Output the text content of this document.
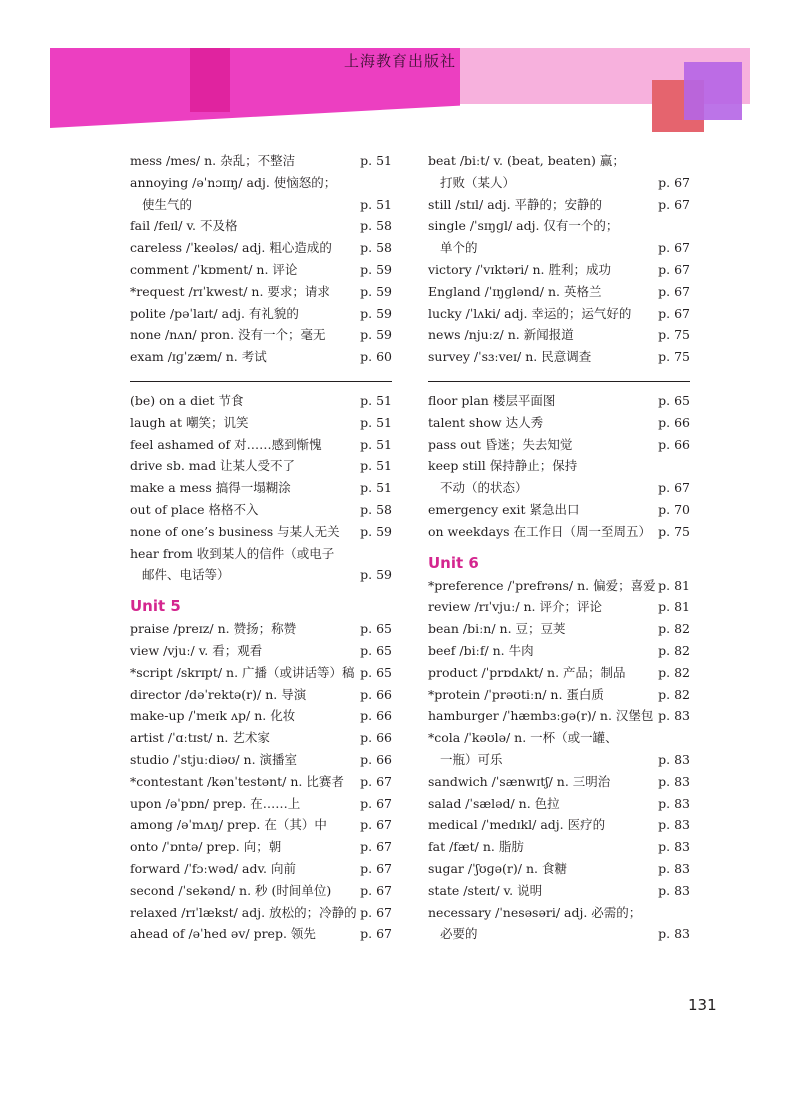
上海教育出版社
mess /mes/ n. 杂乱；不整洁	p. 51
annoying /əˈnɔɪɪŋ/ adj. 使恼怒的；
使生气的	p. 51
fail /feɪl/ v. 不及格	p. 58
careless /ˈkeələs/ adj. 粗心造成的	p. 58
comment /ˈkɒment/ n. 评论	p. 59
*request /rɪˈkwest/ n. 要求；请求	p. 59
polite /pəˈlaɪt/ adj. 有礼貌的	p. 59
none /nʌn/ pron. 没有一个；毫无	p. 59
exam /ɪɡˈzæm/ n. 考试	p. 60
(be) on a diet 节食	p. 51
laugh at 嘲笑；讥笑	p. 51
feel ashamed of 对……感到惭愧	p. 51
drive sb. mad 让某人受不了	p. 51
make a mess 搞得一塌糊涂	p. 51
out of place 格格不入	p. 58
none of one’s business 与某人无关	p. 59
hear from 收到某人的信件（或电子
邮件、电话等）	p. 59
Unit 5
praise /preɪz/ n. 赞扬；称赞	p. 65
view /vjuː/ v. 看；观看	p. 65
*script /skrɪpt/ n. 广播（或讲话等）稿 p. 65
director /dəˈrektə(r)/ n. 导演	p. 66
make-up /ˈmeɪk ʌp/ n. 化妆	p. 66
artist /ˈɑːtɪst/ n. 艺术家	p. 66
studio /ˈstjuːdiəʊ/ n. 演播室	p. 66
*contestant /kənˈtestənt/ n. 比赛者	p. 67
upon /əˈpɒn/ prep. 在……上	p. 67
among /əˈmʌŋ/ prep. 在（其）中	p. 67
onto /ˈɒntə/ prep. 向；朝	p. 67
forward /ˈfɔːwəd/ adv. 向前	p. 67
second /ˈsekənd/ n. 秒 (时间单位)	p. 67
relaxed /rɪˈlækst/ adj. 放松的；冷静的 p. 67
ahead of /əˈhed əv/ prep. 领先	p. 67
beat /biːt/ v. (beat, beaten) 赢；
打败（某人）	p. 67
still /stɪl/ adj. 平静的；安静的	p. 67
single /ˈsɪŋɡl/ adj. 仅有一个的；
单个的	p. 67
victory /ˈvɪktəri/ n. 胜利；成功	p. 67
England /ˈɪŋɡlənd/ n. 英格兰	p. 67
lucky /ˈlʌki/ adj. 幸运的；运气好的	p. 67
news /njuːz/ n. 新闻报道	p. 75
survey /ˈsɜːveɪ/ n. 民意调查	p. 75
floor plan 楼层平面图	p. 65
talent show 达人秀	p. 66
pass out 昏迷；失去知觉	p. 66
keep still 保持静止；保持
不动（的状态）	p. 67
emergency exit 紧急出口	p. 70
on weekdays 在工作日（周一至周五） p. 75
Unit 6
*preference /ˈprefrəns/ n. 偏爱；喜爱 p. 81
review /rɪˈvjuː/ n. 评介；评论	p. 81
bean /biːn/ n. 豆；豆荚	p. 82
beef /biːf/ n. 牛肉	p. 82
product /ˈprɒdʌkt/ n. 产品；制品	p. 82
*protein /ˈprəʊtiːn/ n. 蛋白质	p. 82
hamburger /ˈhæmbɜːɡə(r)/ n. 汉堡包 p. 83
*cola /ˈkəʊlə/ n. 一杯（或一罐、
一瓶）可乐	p. 83
sandwich /ˈsænwɪtʃ/ n. 三明治	p. 83
salad /ˈsæləd/ n. 色拉	p. 83
medical /ˈmedɪkl/ adj. 医疗的	p. 83
fat /fæt/ n. 脂肪	p. 83
sugar /ˈʃʊɡə(r)/ n. 食糖	p. 83
state /steɪt/ v. 说明	p. 83
necessary /ˈnesəsəri/ adj. 必需的；
必要的	p. 83
131
